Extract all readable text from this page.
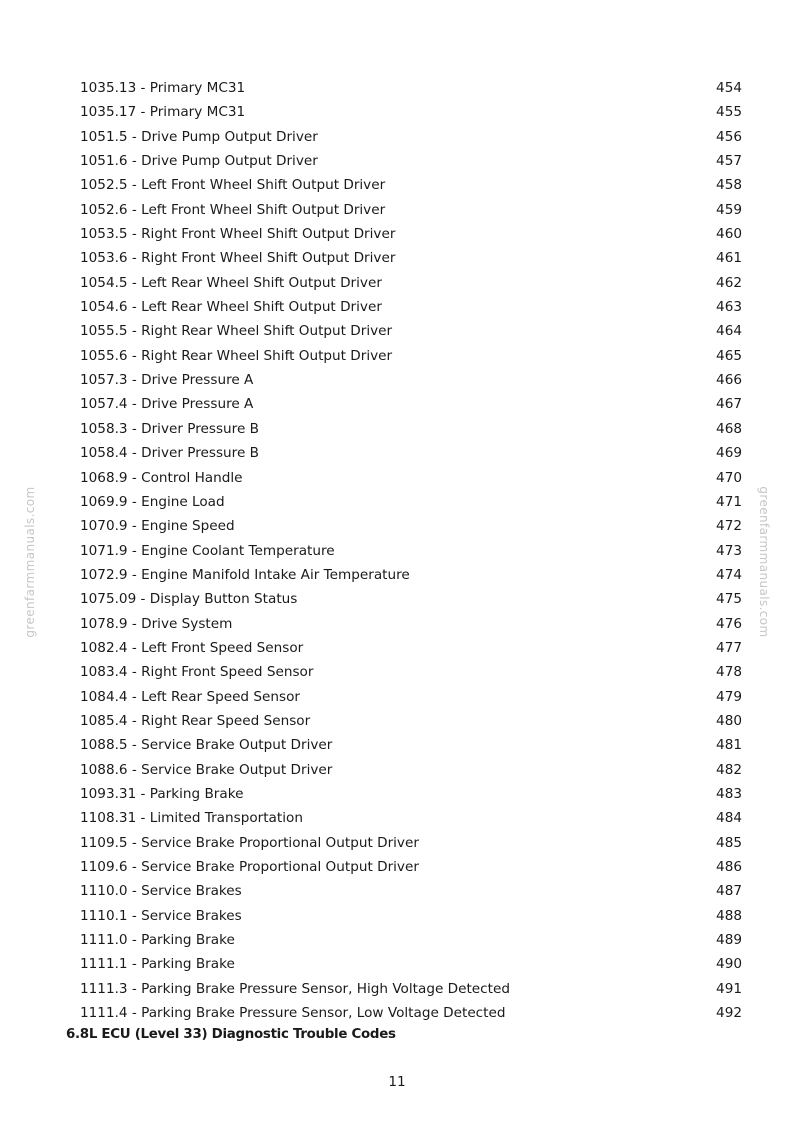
greenfarmmanuals.com	greenfarmmanuals.com
1035.13 - Primary MC31	454
1035.17 - Primary MC31	455
1051.5 - Drive Pump Output Driver	456
1051.6 - Drive Pump Output Driver	457
1052.5 - Left Front Wheel Shift Output Driver	458
1052.6 - Left Front Wheel Shift Output Driver	459
1053.5 - Right Front Wheel Shift Output Driver	460
1053.6 - Right Front Wheel Shift Output Driver	461
1054.5 - Left Rear Wheel Shift Output Driver	462
1054.6 - Left Rear Wheel Shift Output Driver	463
1055.5 - Right Rear Wheel Shift Output Driver	464
1055.6 - Right Rear Wheel Shift Output Driver	465
1057.3 - Drive Pressure A	466
1057.4 - Drive Pressure A	467
1058.3 - Driver Pressure B	468
1058.4 - Driver Pressure B	469
1068.9 - Control Handle	470
1069.9 - Engine Load	471
1070.9 - Engine Speed	472
1071.9 - Engine Coolant Temperature	473
1072.9 - Engine Manifold Intake Air Temperature	474
1075.09 - Display Button Status	475
1078.9 - Drive System	476
1082.4 - Left Front Speed Sensor	477
1083.4 - Right Front Speed Sensor	478
1084.4 - Left Rear Speed Sensor	479
1085.4 - Right Rear Speed Sensor	480
1088.5 - Service Brake Output Driver	481
1088.6 - Service Brake Output Driver	482
1093.31 - Parking Brake	483
1108.31 - Limited Transportation	484
1109.5 - Service Brake Proportional Output Driver	485
1109.6 - Service Brake Proportional Output Driver	486
1110.0 - Service Brakes	487
1110.1 - Service Brakes	488
1111.0 - Parking Brake	489
1111.1 - Parking Brake	490
1111.3 - Parking Brake Pressure Sensor, High Voltage Detected	491
1111.4 - Parking Brake Pressure Sensor, Low Voltage Detected	492
6.8L ECU (Level 33) Diagnostic Trouble Codes
11
